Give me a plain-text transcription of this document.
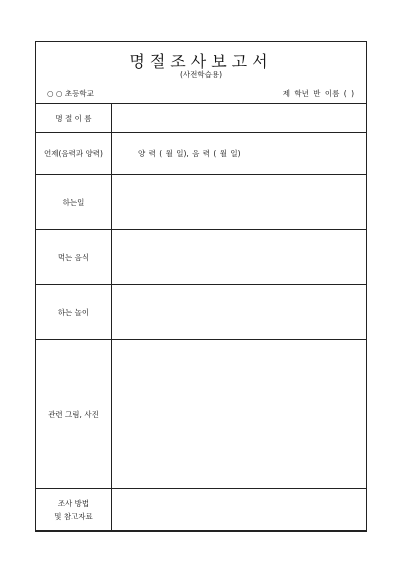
명절조사보고서
(사전학습용)
○ ○ 초등학교	제 학년 반 이름 ( )
명 절 이 름	
언제(음력과 양력)	양 력 ( 월 일), 음 력 ( 월 일)
하는일	
먹는 음식	
하는 놀이	
관련 그림, 사진	
조사 방법
및 참고자료	
